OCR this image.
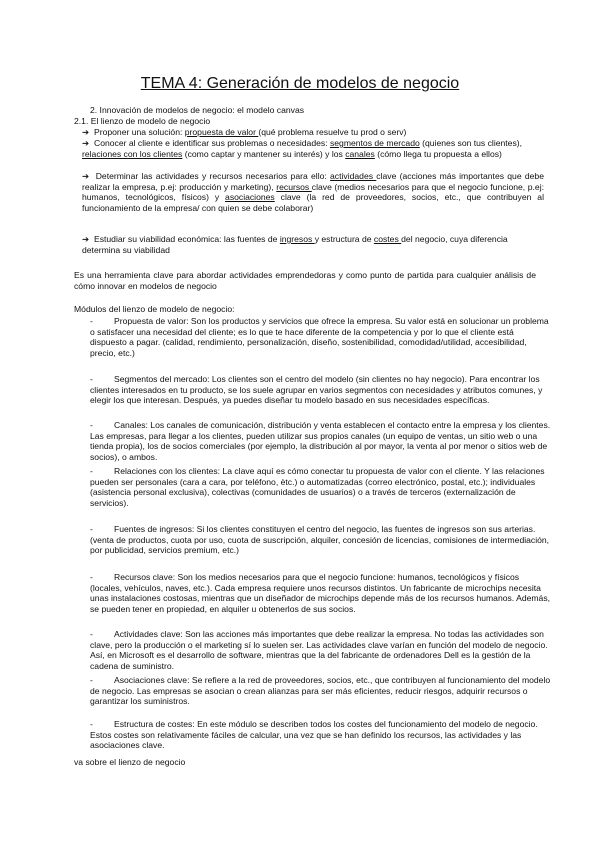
TEMA 4: Generación de modelos de negocio

2. Innovación de modelos de negocio: el modelo canvas

2.1. El lienzo de modelo de negocio

➔ Proponer una solución: propuesta de valor (qué problema resuelve tu prod o serv)

➔ Conocer al cliente e identificar sus problemas o necesidades: segmentos de mercado (quienes son tus clientes), relaciones con los clientes (como captar y mantener su interés) y los canales (cómo llega tu propuesta a ellos)

➔ Determinar las actividades y recursos necesarios para ello: actividades clave (acciones más importantes que debe realizar la empresa, p.ej: producción y marketing), recursos clave (medios necesarios para que el negocio funcione, p.ej: humanos, tecnológicos, físicos) y asociaciones clave (la red de proveedores, socios, etc., que contribuyen al funcionamiento de la empresa/ con quien se debe colaborar)

➔ Estudiar su viabilidad económica: las fuentes de ingresos y estructura de costes del negocio, cuya diferencia determina su viabilidad

Es una herramienta clave para abordar actividades emprendedoras y como punto de partida para cualquier análisis de cómo innovar en modelos de negocio

Módulos del lienzo de modelo de negocio:

- Propuesta de valor: Son los productos y servicios que ofrece la empresa. Su valor está en solucionar un problema o satisfacer una necesidad del cliente; es lo que te hace diferente de la competencia y por lo que el cliente está dispuesto a pagar. (calidad, rendimiento, personalización, diseño, sostenibilidad, comodidad/utilidad, accesibilidad, precio, etc.)

- Segmentos del mercado: Los clientes son el centro del modelo (sin clientes no hay negocio). Para encontrar los clientes interesados en tu producto, se los suele agrupar en varios segmentos con necesidades y atributos comunes, y elegir los que interesan. Después, ya puedes diseñar tu modelo basado en sus necesidades específicas.

- Canales: Los canales de comunicación, distribución y venta establecen el contacto entre la empresa y los clientes. Las empresas, para llegar a los clientes, pueden utilizar sus propios canales (un equipo de ventas, un sitio web o una tienda propia), los de socios comerciales (por ejemplo, la distribución al por mayor, la venta al por menor o sitios web de socios), o ambos.

- Relaciones con los clientes: La clave aquí es cómo conectar tu propuesta de valor con el cliente. Y las relaciones pueden ser personales (cara a cara, por teléfono, ètc.) o automatizadas (correo electrónico, postal, etc.); individuales (asistencia personal exclusiva), colectivas (comunidades de usuarios) o a través de terceros (externalización de servicios).

- Fuentes de ingresos: Si los clientes constituyen el centro del negocio, las fuentes de ingresos son sus arterias. (venta de productos, cuota por uso, cuota de suscripción, alquiler, concesión de licencias, comisiones de intermediación, por publicidad, servicios premium, etc.)

- Recursos clave: Son los medios necesarios para que el negocio funcione: humanos, tecnológicos y físicos (locales, vehículos, naves, etc.). Cada empresa requiere unos recursos distintos. Un fabricante de microchips necesita unas instalaciones costosas, mientras que un diseñador de microchips depende más de los recursos humanos. Además, se pueden tener en propiedad, en alquiler u obtenerlos de sus socios.

- Actividades clave: Son las acciones más importantes que debe realizar la empresa. No todas las actividades son clave, pero la producción o el marketing sí lo suelen ser. Las actividades clave varían en función del modelo de negocio. Así, en Microsoft es el desarrollo de software, mientras que la del fabricante de ordenadores Dell es la gestión de la cadena de suministro.

- Asociaciones clave: Se refiere a la red de proveedores, socios, etc., que contribuyen al funcionamiento del modelo de negocio. Las empresas se asocian o crean alianzas para ser más eficientes, reducir riesgos, adquirir recursos o garantizar los suministros.

- Estructura de costes: En este módulo se describen todos los costes del funcionamiento del modelo de negocio. Estos costes son relativamente fáciles de calcular, una vez que se han definido los recursos, las actividades y las asociaciones clave.

va sobre el lienzo de negocio
